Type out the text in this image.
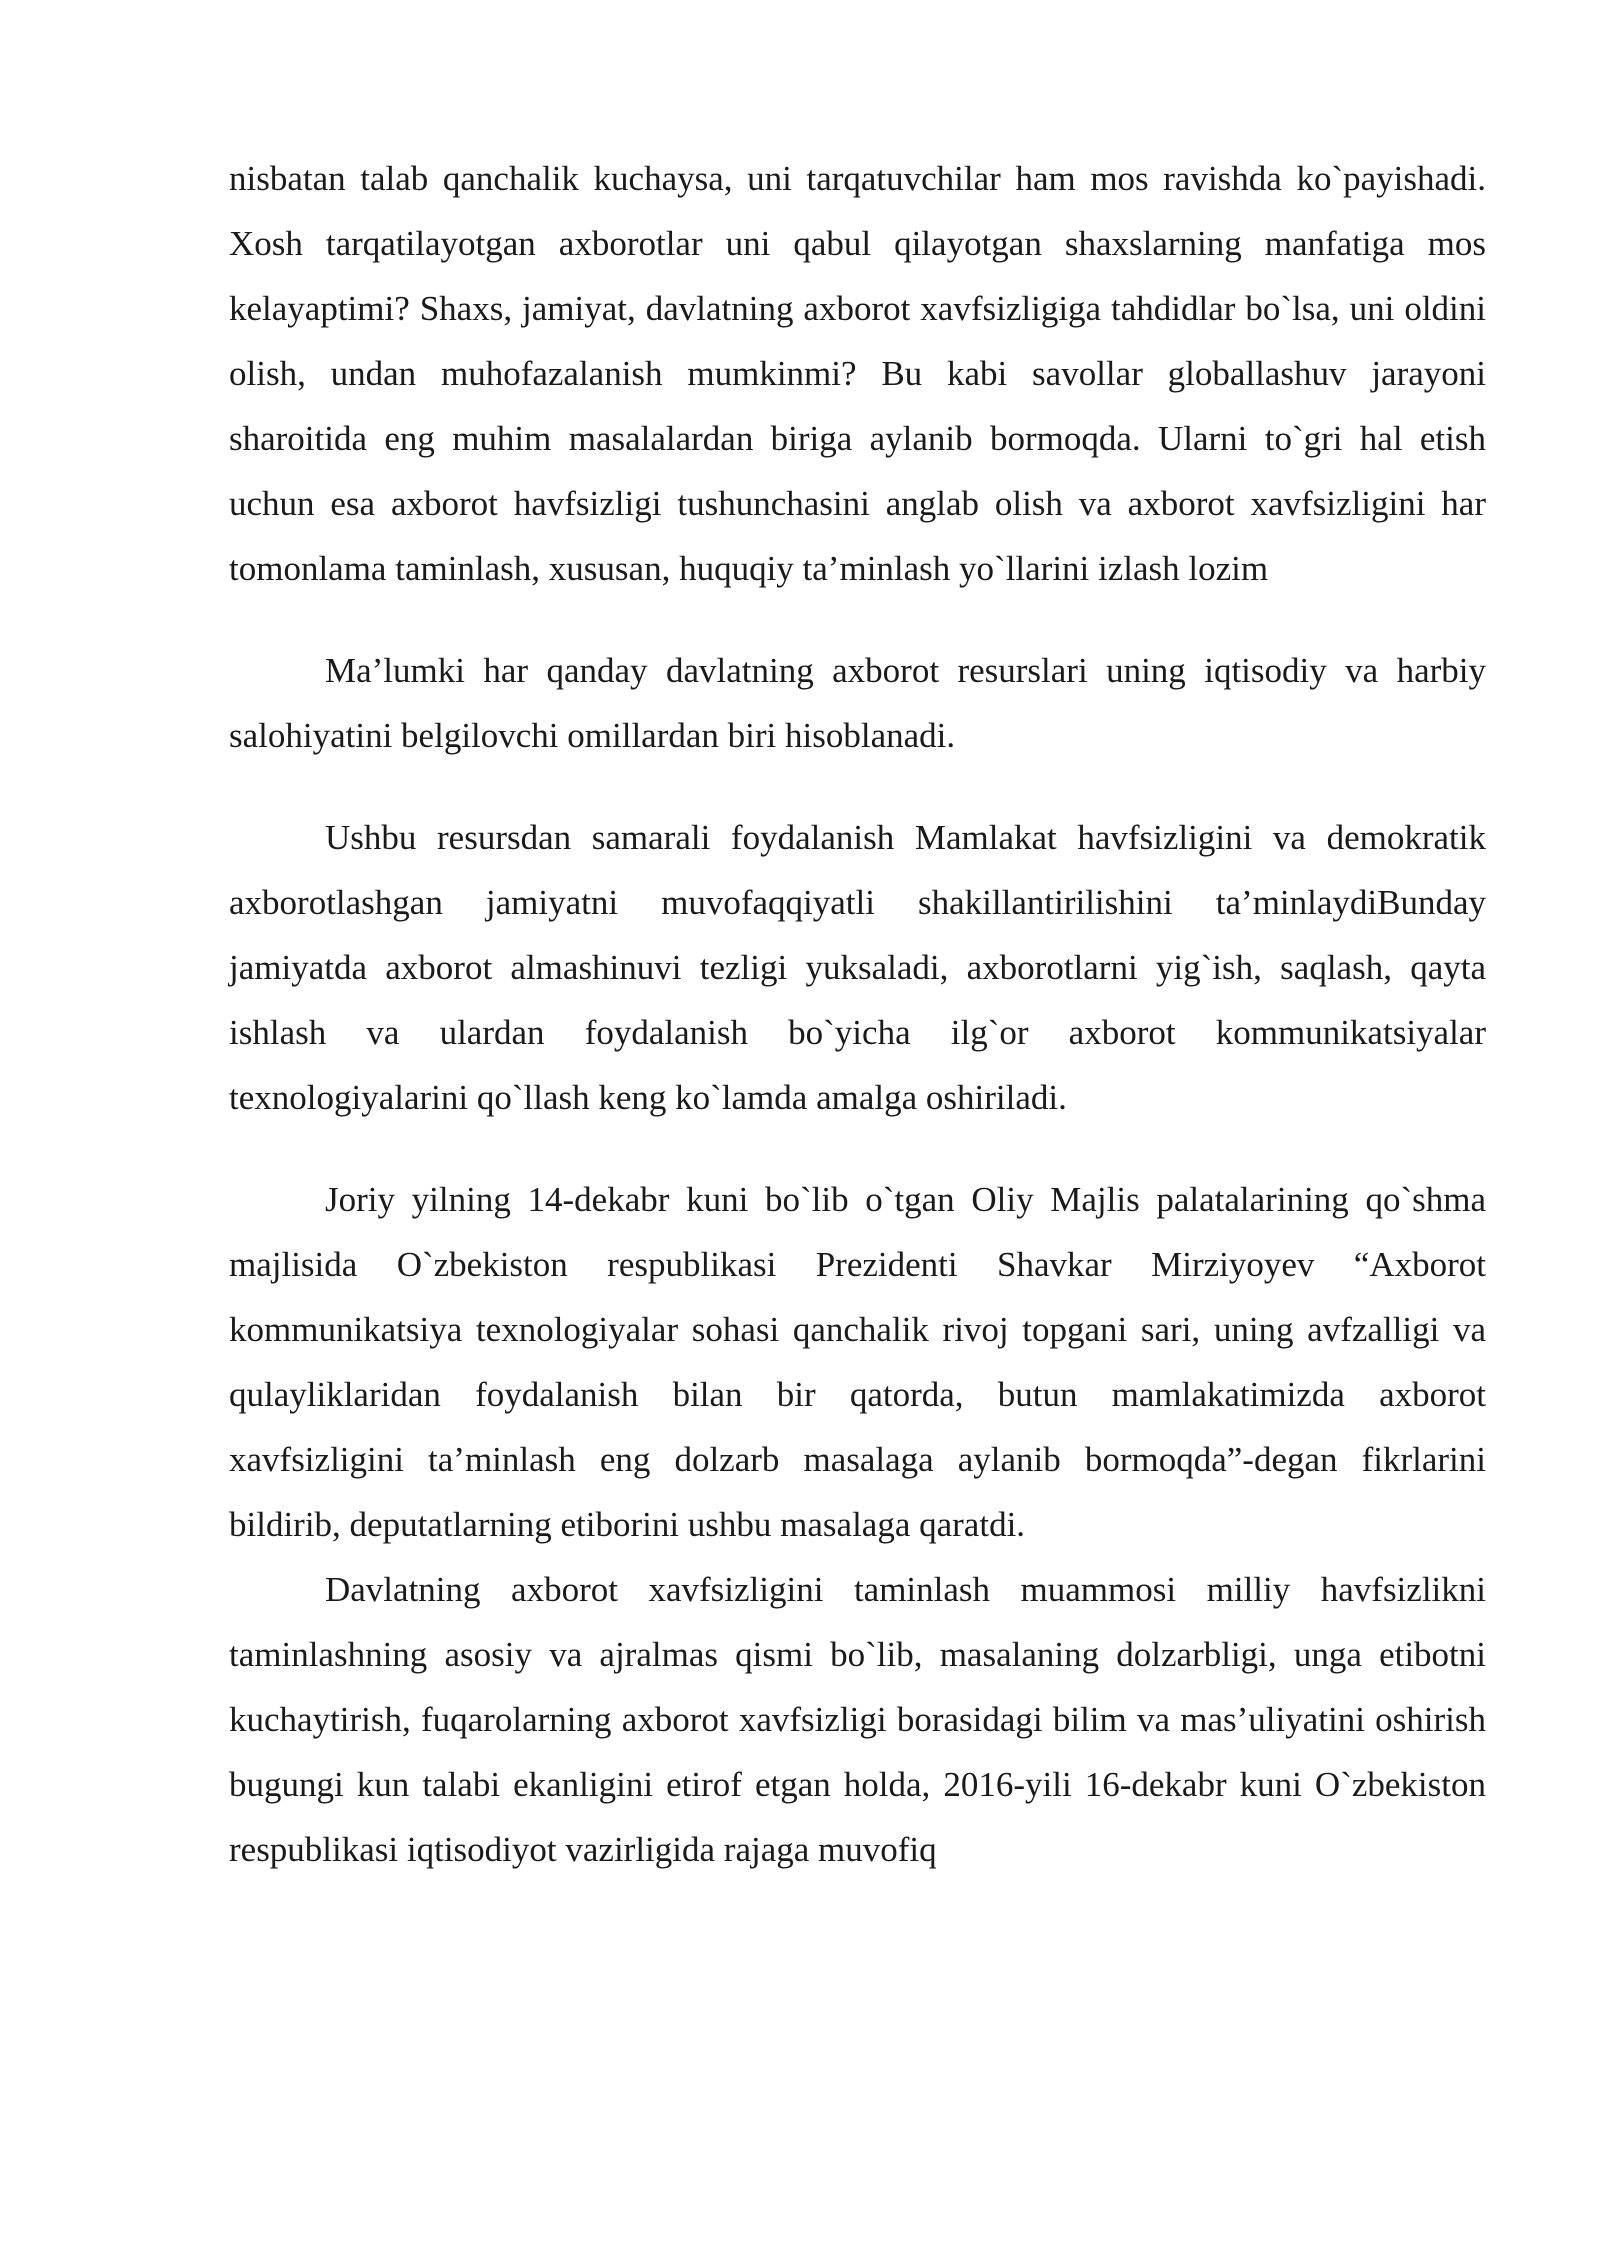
nisbatan talab qanchalik kuchaysa, uni tarqatuvchilar ham mos ravishda ko`payishadi. Xosh tarqatilayotgan axborotlar uni qabul qilayotgan shaxslarning manfatiga mos kelayaptimi? Shaxs, jamiyat, davlatning axborot xavfsizligiga tahdidlar bo`lsa, uni oldini olish, undan muhofazalanish mumkinmi? Bu kabi savollar globallashuv jarayoni sharoitida eng muhim masalalardan biriga aylanib bormoqda. Ularni to`gri hal etish uchun esa axborot havfsizligi tushunchasini anglab olish va axborot xavfsizligini har tomonlama taminlash, xususan, huquqiy ta’minlash yo`llarini izlash lozim

Ma’lumki har qanday davlatning axborot resurslari uning iqtisodiy va harbiy salohiyatini belgilovchi omillardan biri hisoblanadi.

Ushbu resursdan samarali foydalanish Mamlakat havfsizligini va demokratik axborotlashgan jamiyatni muvofaqqiyatli shakillantirilishini ta’minlaydiBunday jamiyatda axborot almashinuvi tezligi yuksaladi, axborotlarni yig`ish, saqlash, qayta ishlash va ulardan foydalanish bo`yicha ilg`or axborot kommunikatsiyalar texnologiyalarini qo`llash keng ko`lamda amalga oshiriladi.

Joriy yilning 14-dekabr kuni bo`lib o`tgan Oliy Majlis palatalarining qo`shma majlisida O`zbekiston respublikasi Prezidenti Shavkar Mirziyoyev “Axborot kommunikatsiya texnologiyalar sohasi qanchalik rivoj topgani sari, uning avfzalligi va qulayliklaridan foydalanish bilan bir qatorda, butun mamlakatimizda axborot xavfsizligini ta’minlash eng dolzarb masalaga aylanib bormoqda”-degan fikrlarini bildirib, deputatlarning etiborini ushbu masalaga qaratdi.

Davlatning axborot xavfsizligini taminlash muammosi milliy havfsizlikni taminlashning asosiy va ajralmas qismi bo`lib, masalaning dolzarbligi, unga etibotni kuchaytirish, fuqarolarning axborot xavfsizligi borasidagi bilim va mas’uliyatini oshirish bugungi kun talabi ekanligini etirof etgan holda, 2016-yili 16-dekabr kuni O`zbekiston respublikasi iqtisodiyot vazirligida rajaga muvofiq
